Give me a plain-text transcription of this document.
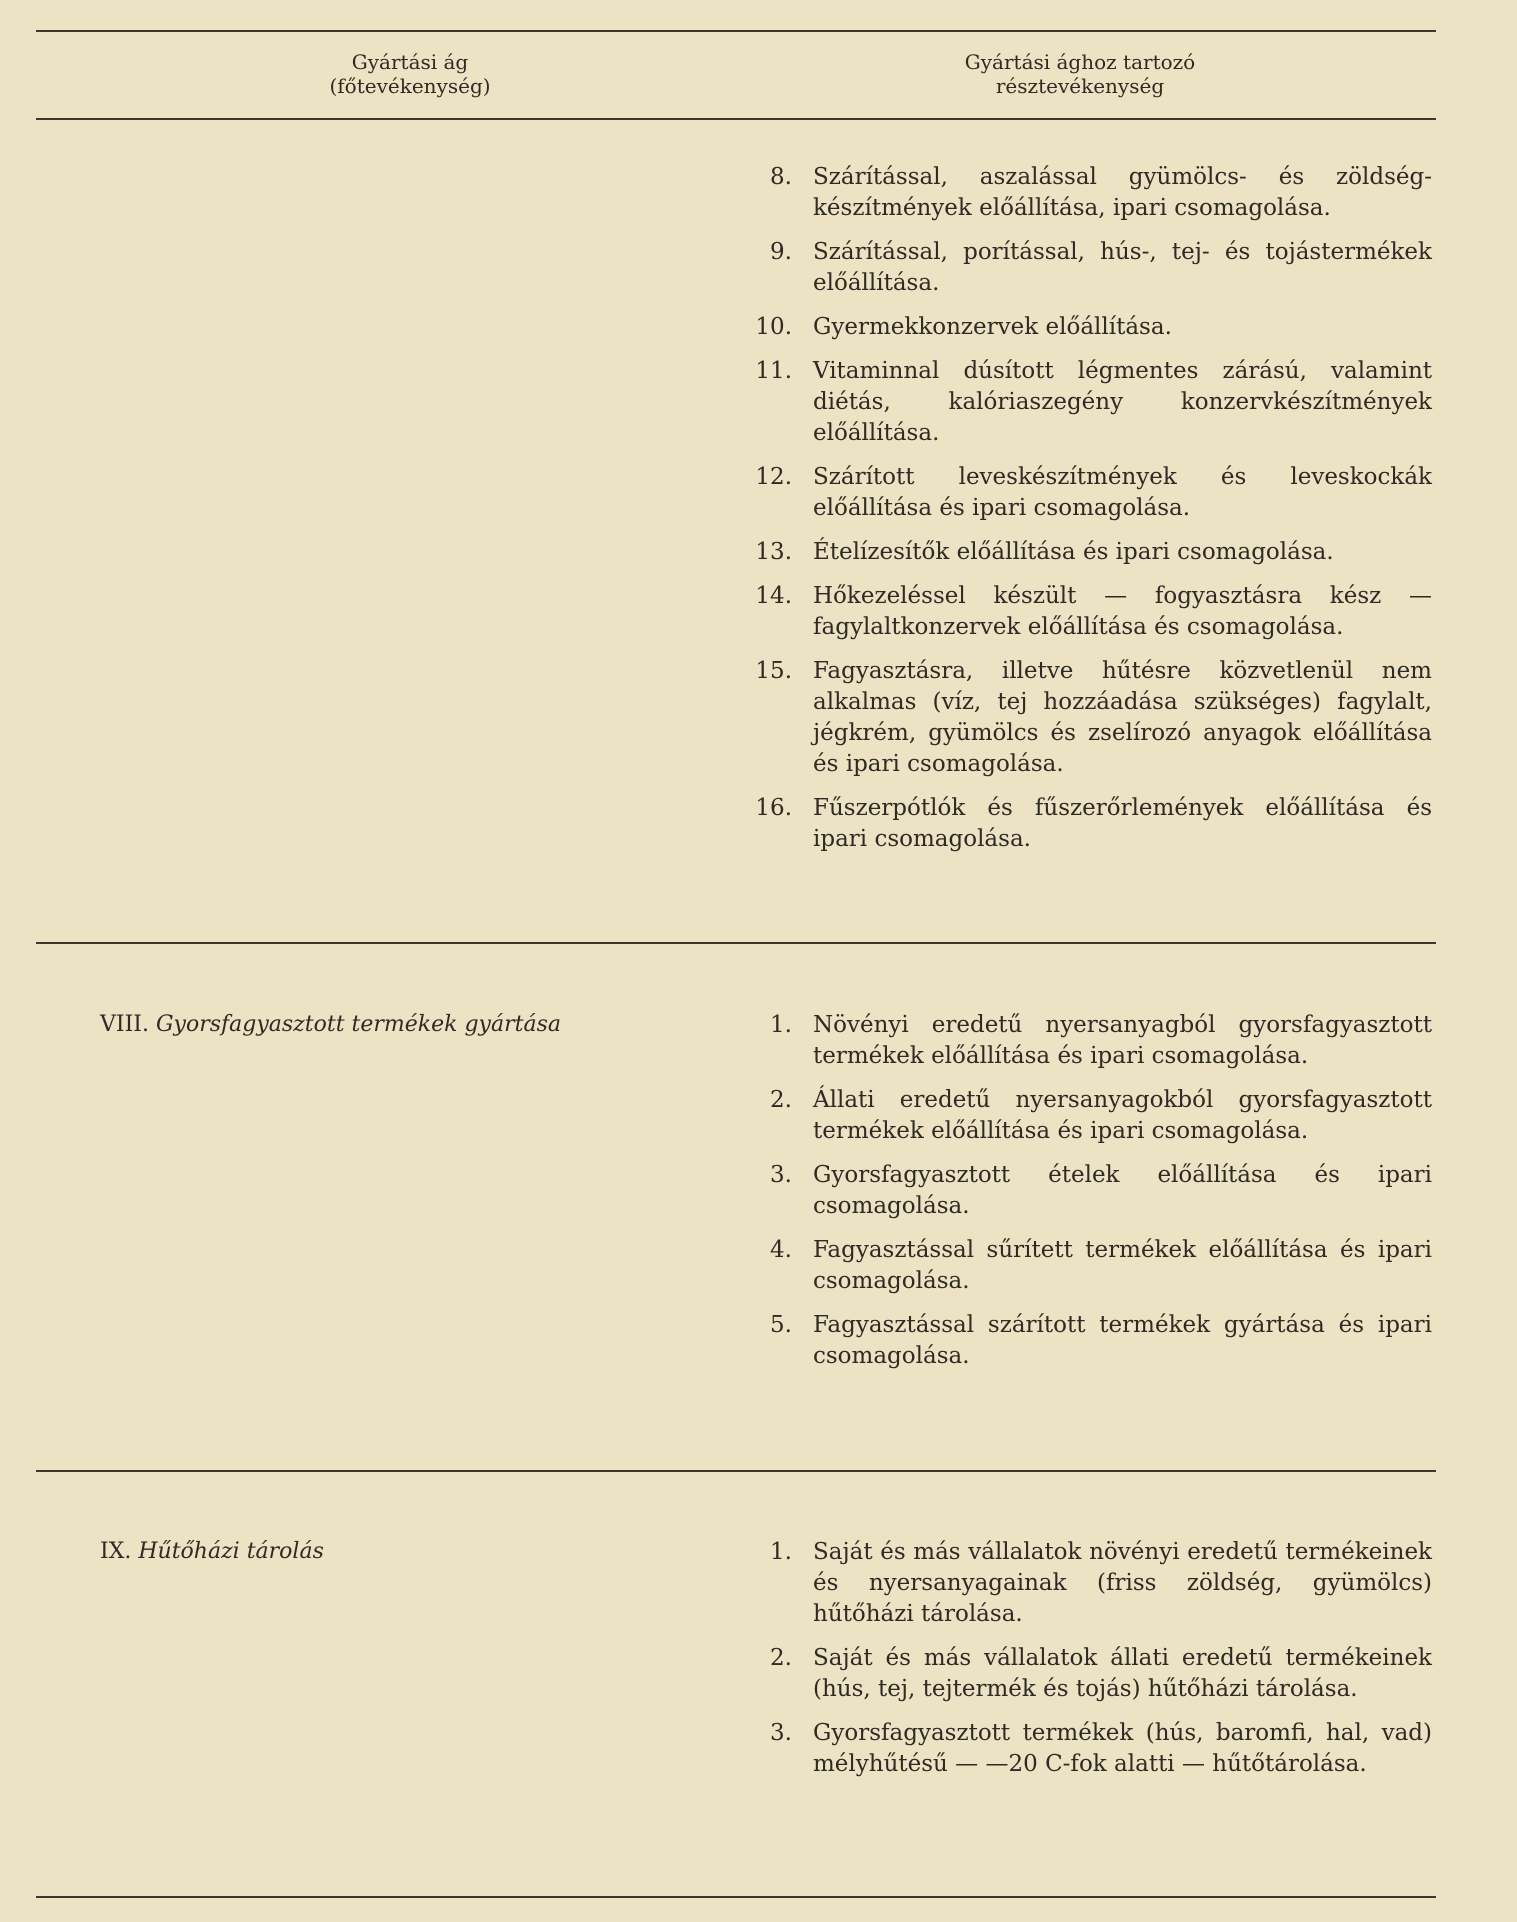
Gyártási ág
(főtevékenység)
Gyártási ághoz tartozó
résztevékenység
8. Szárítással, aszalással gyümölcs- és zöldség-készítmények előállítása, ipari csomagolása.
9. Szárítással, porítással, hús-, tej- és tojástermékek előállítása.
10. Gyermekkonzervek előállítása.
11. Vitaminnal dúsított légmentes zárású, valamint diétás, kalóriaszegény konzervkészítmények előállítása.
12. Szárított leveskészítmények és leveskockák előállítása és ipari csomagolása.
13. Ételízesítők előállítása és ipari csomagolása.
14. Hőkezeléssel készült — fogyasztásra kész — fagylaltkonzervek előállítása és csomagolása.
15. Fagyasztásra, illetve hűtésre közvetlenül nem alkalmas (víz, tej hozzáadása szükséges) fagylalt, jégkrém, gyümölcs és zselírozó anyagok előállítása és ipari csomagolása.
16. Fűszerpótlók és fűszerőrlemények előállítása és ipari csomagolása.
VIII. Gyorsfagyasztott termékek gyártása	1. Növényi eredetű nyersanyagból gyorsfagyasztott termékek előállítása és ipari csomagolása.
2. Állati eredetű nyersanyagokból gyorsfagyasztott termékek előállítása és ipari csomagolása.
3. Gyorsfagyasztott ételek előállítása és ipari csomagolása.
4. Fagyasztással sűrített termékek előállítása és ipari csomagolása.
5. Fagyasztással szárított termékek gyártása és ipari csomagolása.
IX. Hűtőházi tárolás	1. Saját és más vállalatok növényi eredetű termékeinek és nyersanyagainak (friss zöldség, gyümölcs) hűtőházi tárolása.
2. Saját és más vállalatok állati eredetű termékeinek (hús, tej, tejtermék és tojás) hűtőházi tárolása.
3. Gyorsfagyasztott termékek (hús, baromfi, hal, vad) mélyhűtésű — —20 C-fok alatti — hűtőtárolása.
